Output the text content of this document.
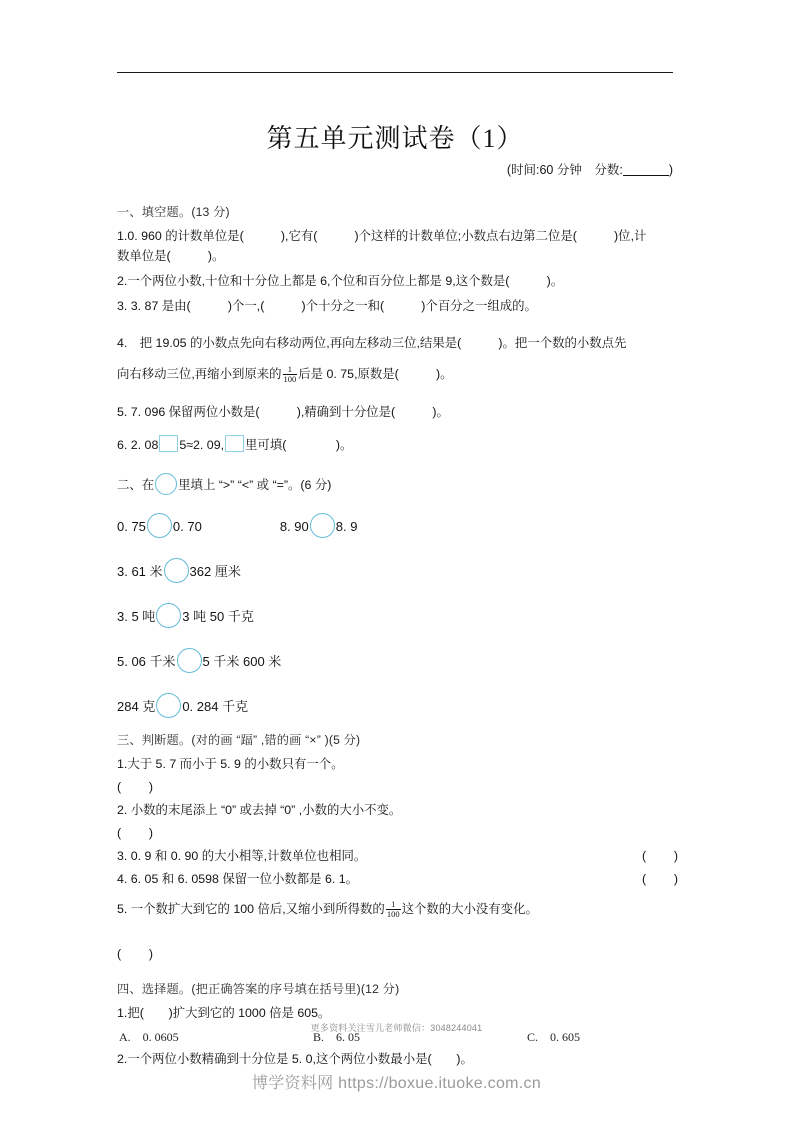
第五单元测试卷（1）
(时间:60 分钟　分数:	)
一、填空题。(13 分)

1.0. 960 的计数单位是(　　　	),它有(　　　	)个这样的计数单位;小数点右边第二位是(　　　	)位,计
数单位是(　　　	)。

2.一个两位小数,十位和十分位上都是 6,个位和百分位上都是 9,这个数是(　　　	)。

3. 3. 87 是由(　　　	)个一,(　　　	)个十分之一和(　　　	)个百分之一组成的。

4.　把 19.05 的小数点先向右移动两位,再向左移动三位,结果是(　　　	)。把一个数的小数点先
向右移动三位,再缩小到原来的 $\frac{1}{100}$ 后是 0. 75,原数是(　　　	)。

5. 7. 096 保留两位小数是(　　　	),精确到十分位是(　　　	)。

6. 2. 08 5≈2. 09, 里可填(　　　　	)。

二、在 里填上 “>” “<” 或 “=”。(6 分)

0. 75 0. 70	8. 90 8. 9

3. 61 米 362 厘米

3. 5 吨 3 吨 50 千克

5. 06 千米 5 千米 600 米

284 克 0. 284 千克

三、判断题。(对的画 “踾” ,错的画 “×” )(5 分)

1.大于 5. 7 而小于 5. 9 的小数只有一个。

(　　)

2. 小数的末尾添上 “0” 或去掉 “0” ,小数的大小不变。

(　　)

3. 0. 9 和 0. 90 的大小相等,计数单位也相同。	(　　)

4. 6. 05 和 6. 0598 保留一位小数都是 6. 1。	(　　)

5. 一个数扩大到它的 100 倍后,又缩小到所得数的 $\frac{1}{100}$ 这个数的大小没有变化。

(　　)

四、选择题。(把正确答案的序号填在括号里)(12 分)

1.把(　　)扩大到它的 1000 倍是 605。

A.　0. 0605	B.　6. 05	C.　0. 605

2.一个两位小数精确到十分位是 5. 0,这个两位小数最小是(　　)。

更多资料关注雪儿老师微信：3048244041
博学资料网 https://boxue.ituoke.com.cn
